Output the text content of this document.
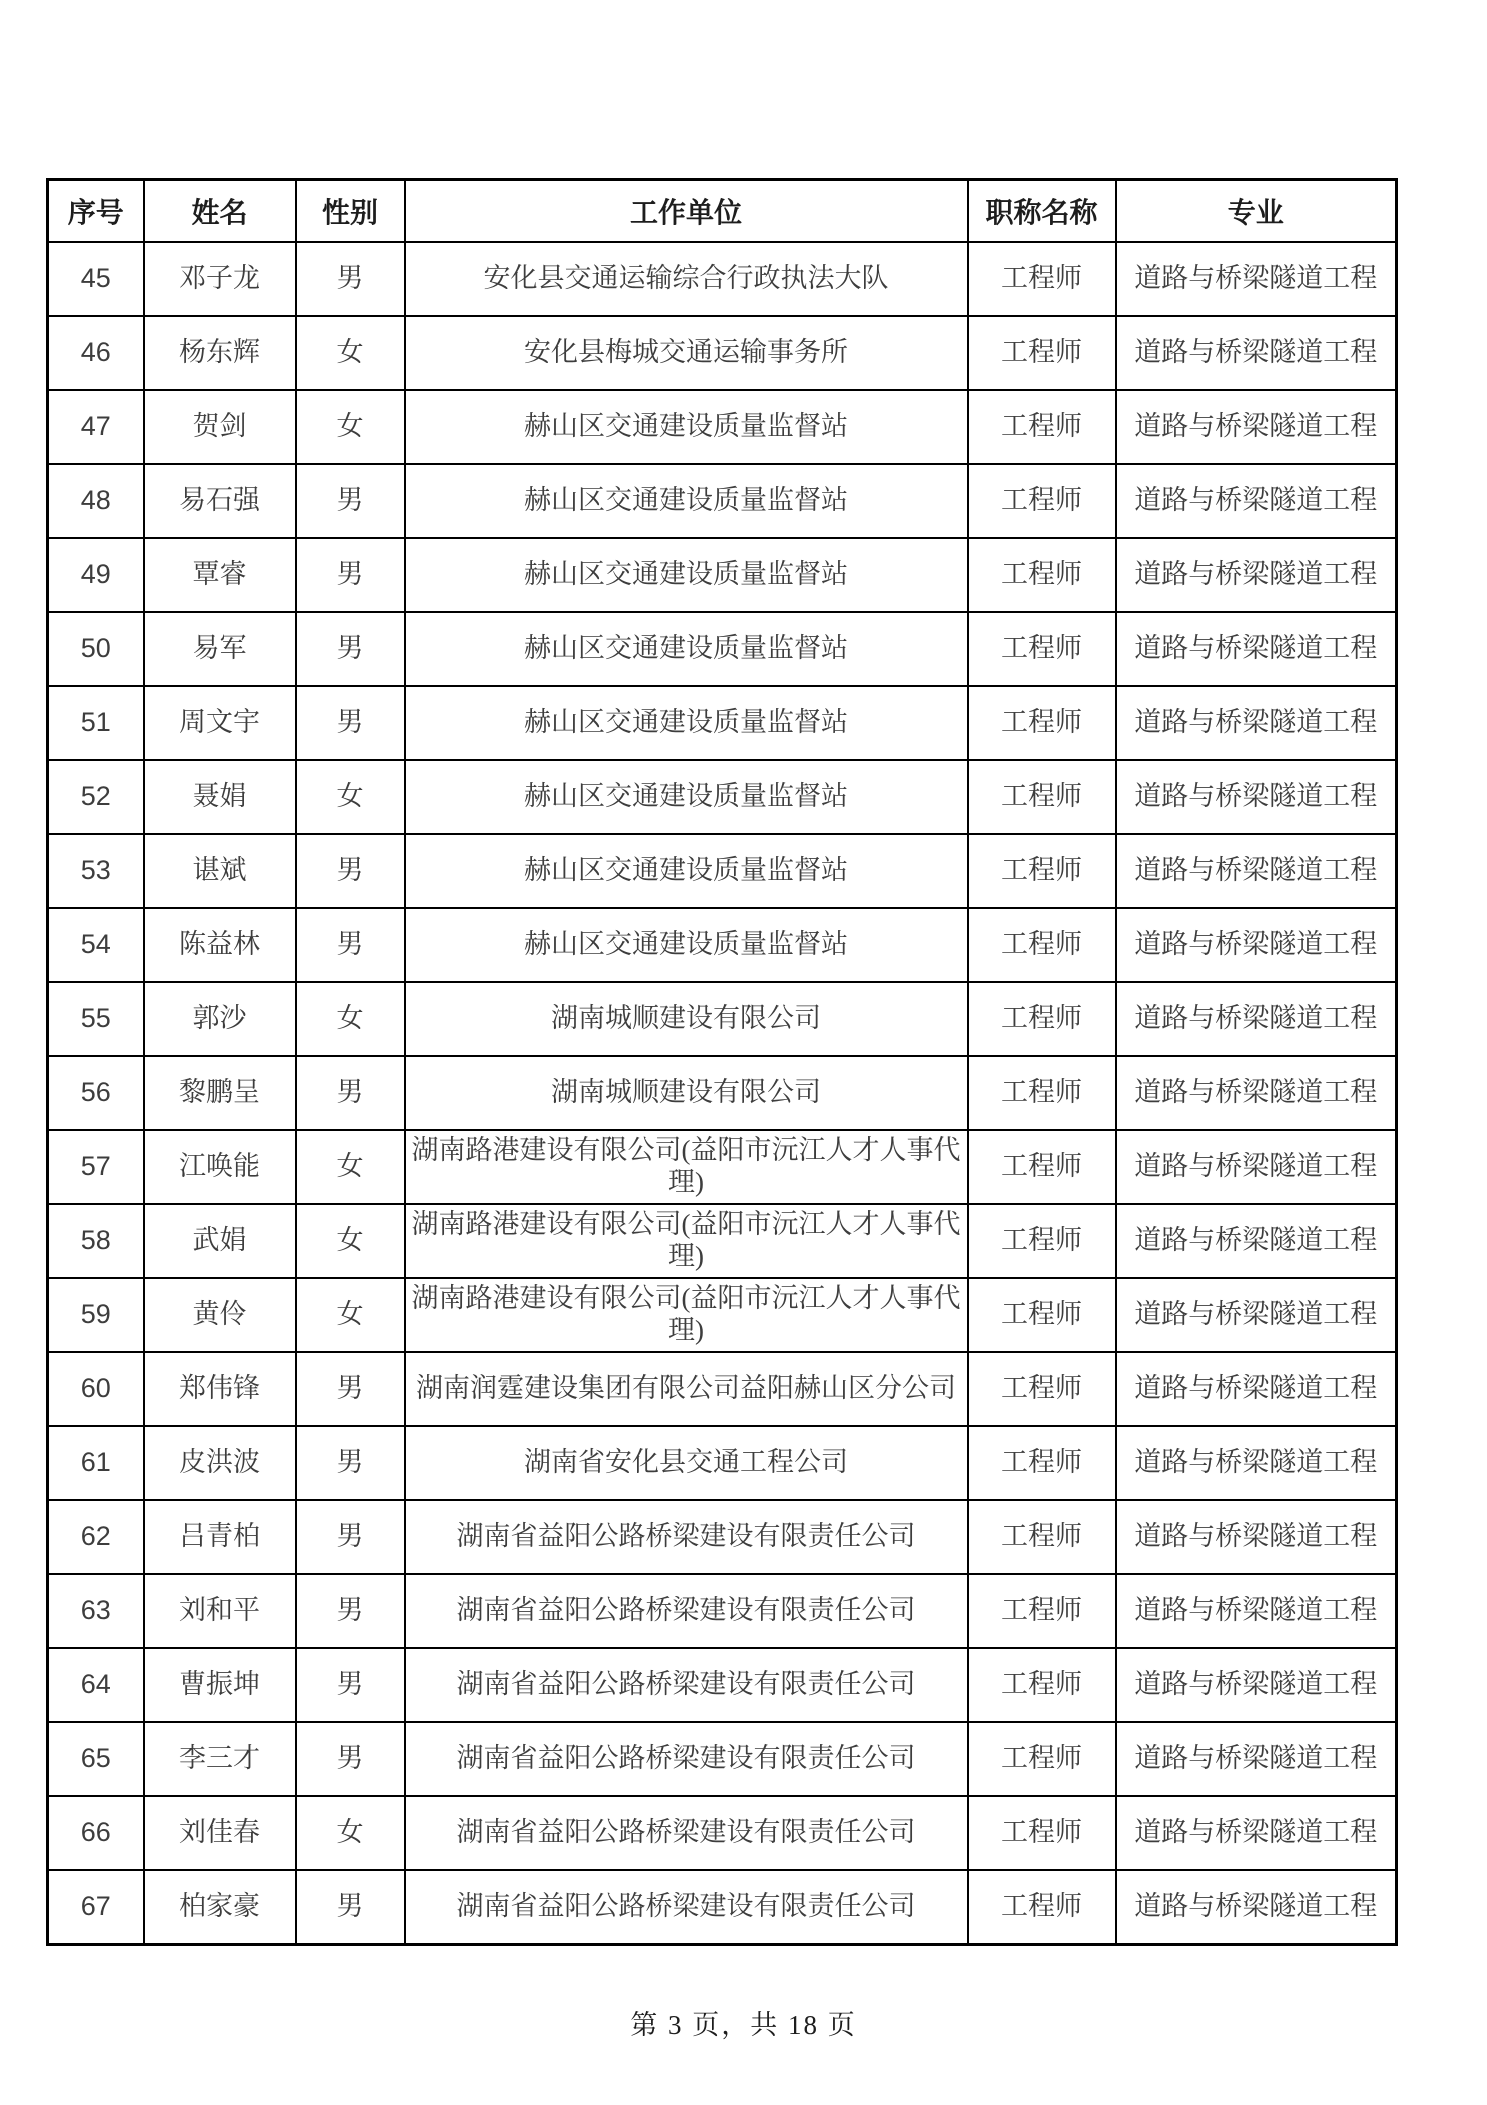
序号	姓名	性别	工作单位	职称名称	专业
45	邓子龙	男	安化县交通运输综合行政执法大队	工程师	道路与桥梁隧道工程
46	杨东辉	女	安化县梅城交通运输事务所	工程师	道路与桥梁隧道工程
47	贺剑	女	赫山区交通建设质量监督站	工程师	道路与桥梁隧道工程
48	易石强	男	赫山区交通建设质量监督站	工程师	道路与桥梁隧道工程
49	覃睿	男	赫山区交通建设质量监督站	工程师	道路与桥梁隧道工程
50	易军	男	赫山区交通建设质量监督站	工程师	道路与桥梁隧道工程
51	周文宇	男	赫山区交通建设质量监督站	工程师	道路与桥梁隧道工程
52	聂娟	女	赫山区交通建设质量监督站	工程师	道路与桥梁隧道工程
53	谌斌	男	赫山区交通建设质量监督站	工程师	道路与桥梁隧道工程
54	陈益林	男	赫山区交通建设质量监督站	工程师	道路与桥梁隧道工程
55	郭沙	女	湖南城顺建设有限公司	工程师	道路与桥梁隧道工程
56	黎鹏呈	男	湖南城顺建设有限公司	工程师	道路与桥梁隧道工程
57	江唤能	女	湖南路港建设有限公司(益阳市沅江人才人事代理)	工程师	道路与桥梁隧道工程
58	武娟	女	湖南路港建设有限公司(益阳市沅江人才人事代理)	工程师	道路与桥梁隧道工程
59	黄伶	女	湖南路港建设有限公司(益阳市沅江人才人事代理)	工程师	道路与桥梁隧道工程
60	郑伟锋	男	湖南润霆建设集团有限公司益阳赫山区分公司	工程师	道路与桥梁隧道工程
61	皮洪波	男	湖南省安化县交通工程公司	工程师	道路与桥梁隧道工程
62	吕青柏	男	湖南省益阳公路桥梁建设有限责任公司	工程师	道路与桥梁隧道工程
63	刘和平	男	湖南省益阳公路桥梁建设有限责任公司	工程师	道路与桥梁隧道工程
64	曹振坤	男	湖南省益阳公路桥梁建设有限责任公司	工程师	道路与桥梁隧道工程
65	李三才	男	湖南省益阳公路桥梁建设有限责任公司	工程师	道路与桥梁隧道工程
66	刘佳春	女	湖南省益阳公路桥梁建设有限责任公司	工程师	道路与桥梁隧道工程
67	柏家豪	男	湖南省益阳公路桥梁建设有限责任公司	工程师	道路与桥梁隧道工程
第 3 页，共 18 页
